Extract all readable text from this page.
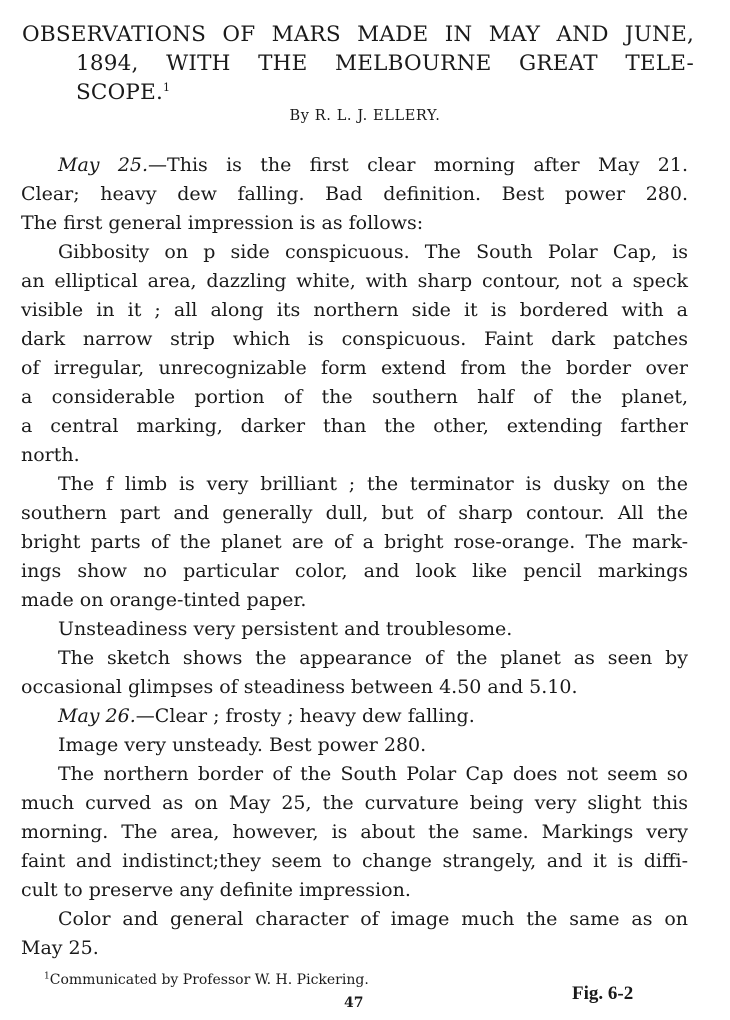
OBSERVATIONS OF MARS MADE IN MAY AND JUNE,
1894, WITH THE MELBOURNE GREAT TELE-
SCOPE.$^1$
By R. L. J. ELLERY.
May 25.—This is the first clear morning after May 21.
Clear; heavy dew falling. Bad definition. Best power 280.
The first general impression is as follows:
Gibbosity on p side conspicuous. The South Polar Cap, is
an elliptical area, dazzling white, with sharp contour, not a speck
visible in it ; all along its northern side it is bordered with a
dark narrow strip which is conspicuous. Faint dark patches
of irregular, unrecognizable form extend from the border over
a considerable portion of the southern half of the planet,
a central marking, darker than the other, extending farther
north.
The f limb is very brilliant ; the terminator is dusky on the
southern part and generally dull, but of sharp contour. All the
bright parts of the planet are of a bright rose-orange. The mark-
ings show no particular color, and look like pencil markings
made on orange-tinted paper.
Unsteadiness very persistent and troublesome.
The sketch shows the appearance of the planet as seen by
occasional glimpses of steadiness between 4.50 and 5.10.
May 26.—Clear ; frosty ; heavy dew falling.
Image very unsteady. Best power 280.
The northern border of the South Polar Cap does not seem so
much curved as on May 25, the curvature being very slight this
morning. The area, however, is about the same. Markings very
faint and indistinct;they seem to change strangely, and it is diffi-
cult to preserve any definite impression.
Color and general character of image much the same as on
May 25.
$^1$Communicated by Professor W. H. Pickering.
47	Fig. 6-2
